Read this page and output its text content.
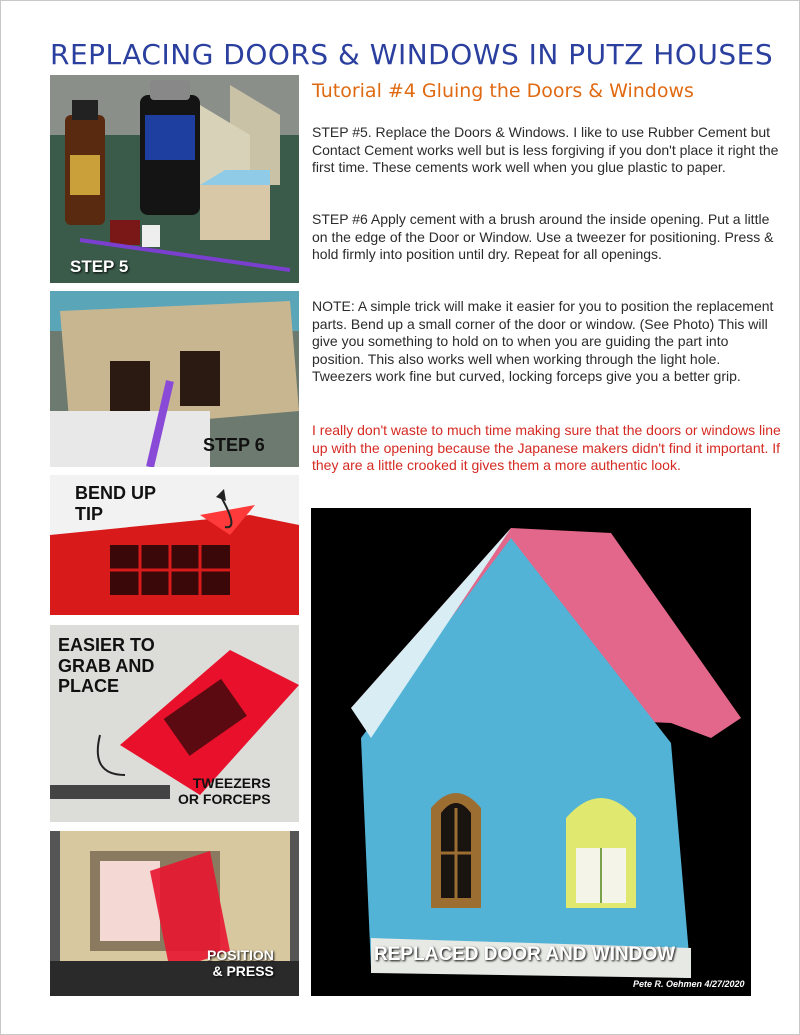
REPLACING DOORS & WINDOWS IN PUTZ HOUSES
Tutorial #4 Gluing the Doors & Windows

STEP #5. Replace the Doors & Windows. I like to use Rubber Cement but Contact Cement works well but is less forgiving if you don't place it right the first time. These cements work well when you glue plastic to paper.

STEP #6 Apply cement with a brush around the inside opening. Put a little on the edge of the Door or Window. Use a tweezer for positioning. Press & hold firmly into position until dry. Repeat for all openings.

NOTE: A simple trick will make it easier for you to position the replacement parts. Bend up a small corner of the door or window. (See Photo) This will give you something to hold on to when you are guiding the part into position. This also works well when working through the light hole. Tweezers work fine but curved, locking forceps give you a better grip.

I really don't waste to much time making sure that the doors or windows line up with the opening because the Japanese makers didn't find it important. If they are a little crooked it gives them a more authentic look.

STEP 5
STEP 6
BEND UP
TIP
EASIER TO
GRAB AND
PLACE
TWEEZERS
OR FORCEPS
POSITION
& PRESS
REPLACED DOOR AND WINDOW
Pete R. Oehmen 4/27/2020
